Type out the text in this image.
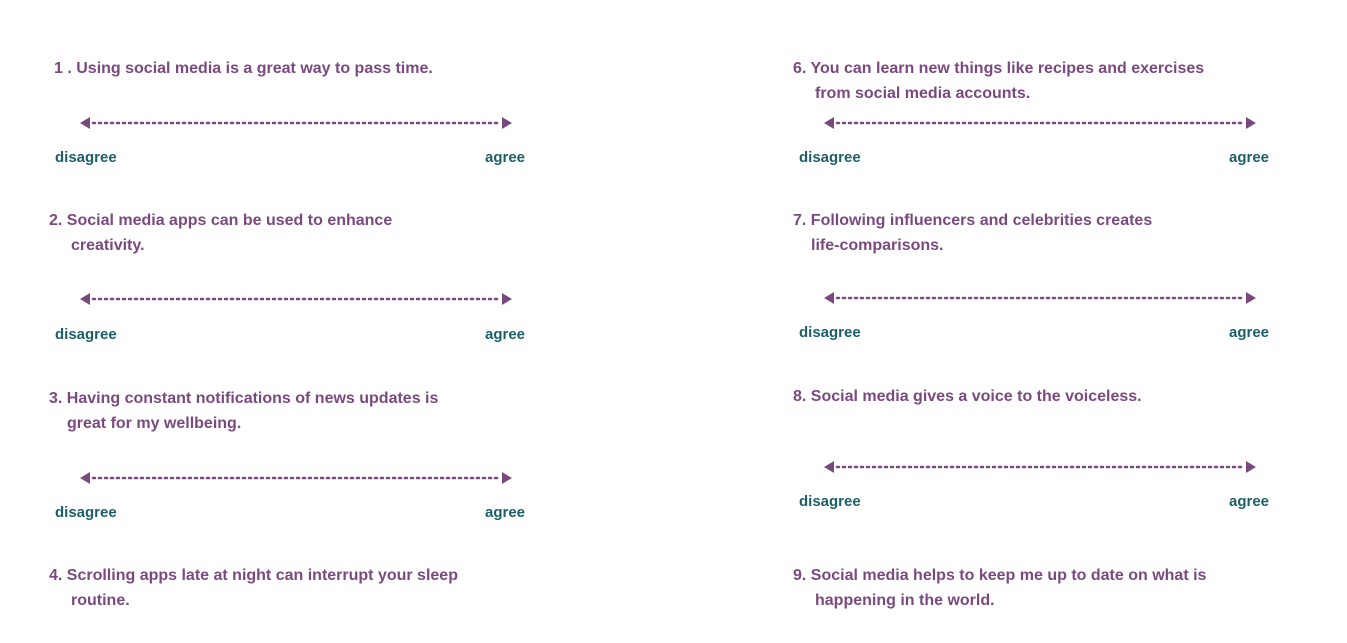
1 . Using social media is a great way to pass time.

disagree	agree

2. Social media apps can be used to enhance
creativity.

disagree	agree

3. Having constant notifications of news updates is
great for my wellbeing.

disagree	agree

4. Scrolling apps late at night can interrupt your sleep
routine.

6. You can learn new things like recipes and exercises
from social media accounts.

disagree	agree

7. Following influencers and celebrities creates
life-comparisons.

disagree	agree

8. Social media gives a voice to the voiceless.

disagree	agree

9. Social media helps to keep me up to date on what is
happening in the world.
